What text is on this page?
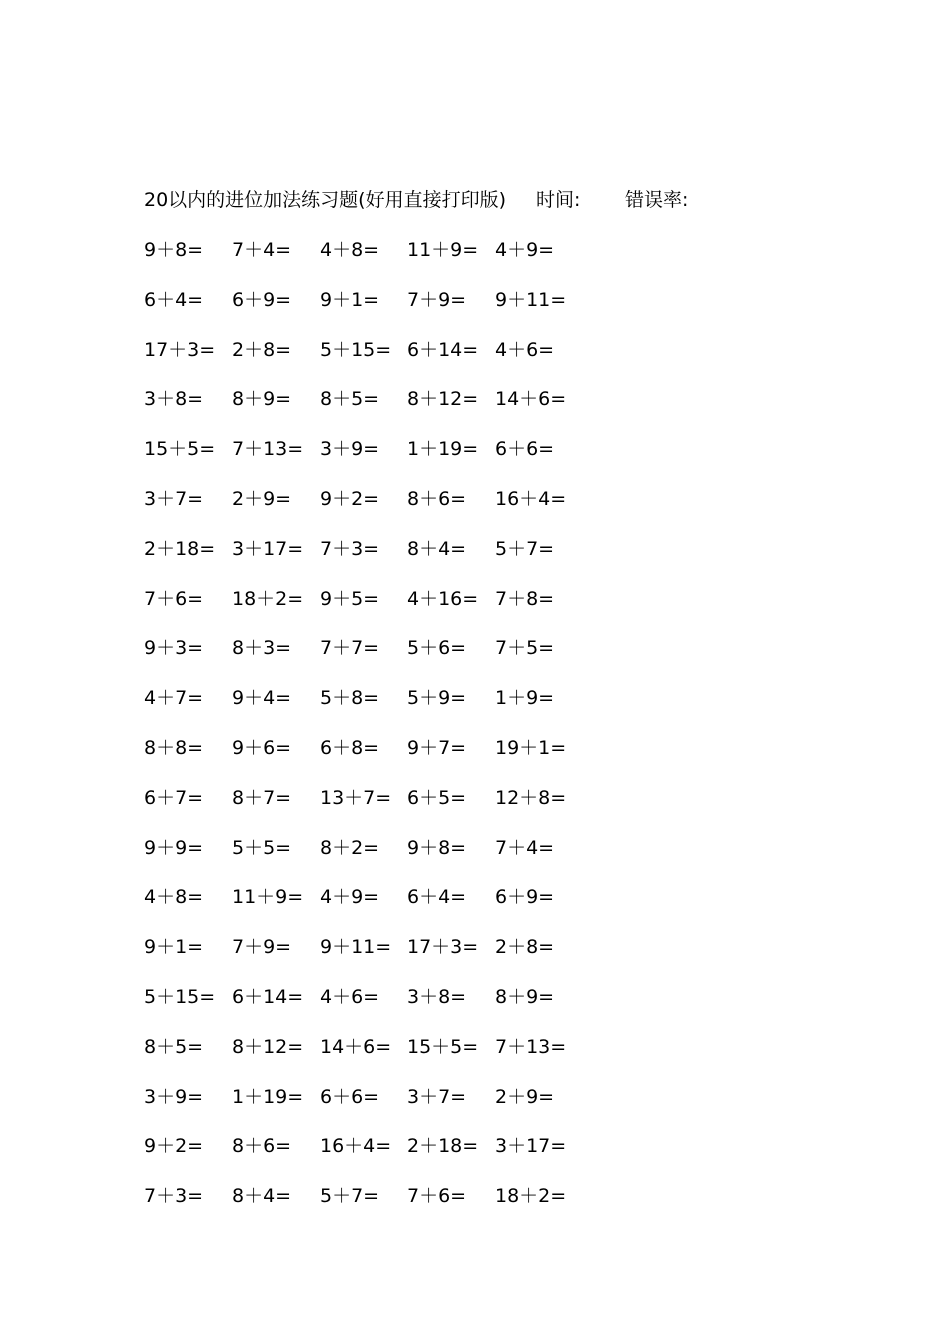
20以内的进位加法练习题(好用直接打印版) 时间: 错误率:
9＋8=	7＋4=	4＋8=	11＋9= 4＋9=
6＋4=	6＋9=	9＋1=	7＋9=	9＋11=
17＋3= 2＋8=	5＋15= 6＋14= 4＋6=
3＋8=	8＋9=	8＋5=	8＋12= 14＋6=
15＋5= 7＋13= 3＋9=	1＋19= 6＋6=
3＋7=	2＋9=	9＋2=	8＋6=	16＋4=
2＋18= 3＋17= 7＋3=	8＋4=	5＋7=
7＋6=	18＋2= 9＋5=	4＋16= 7＋8=
9＋3=	8＋3=	7＋7=	5＋6=	7＋5=
4＋7=	9＋4=	5＋8=	5＋9=	1＋9=
8＋8=	9＋6=	6＋8=	9＋7=	19＋1=
6＋7=	8＋7=	13＋7= 6＋5=	12＋8=
9＋9=	5＋5=	8＋2=	9＋8=	7＋4=
4＋8=	11＋9= 4＋9=	6＋4=	6＋9=
9＋1=	7＋9=	9＋11= 17＋3= 2＋8=
5＋15= 6＋14= 4＋6=	3＋8=	8＋9=
8＋5=	8＋12= 14＋6= 15＋5= 7＋13=
3＋9=	1＋19= 6＋6=	3＋7=	2＋9=
9＋2=	8＋6=	16＋4= 2＋18= 3＋17=
7＋3=	8＋4=	5＋7=	7＋6=	18＋2=
